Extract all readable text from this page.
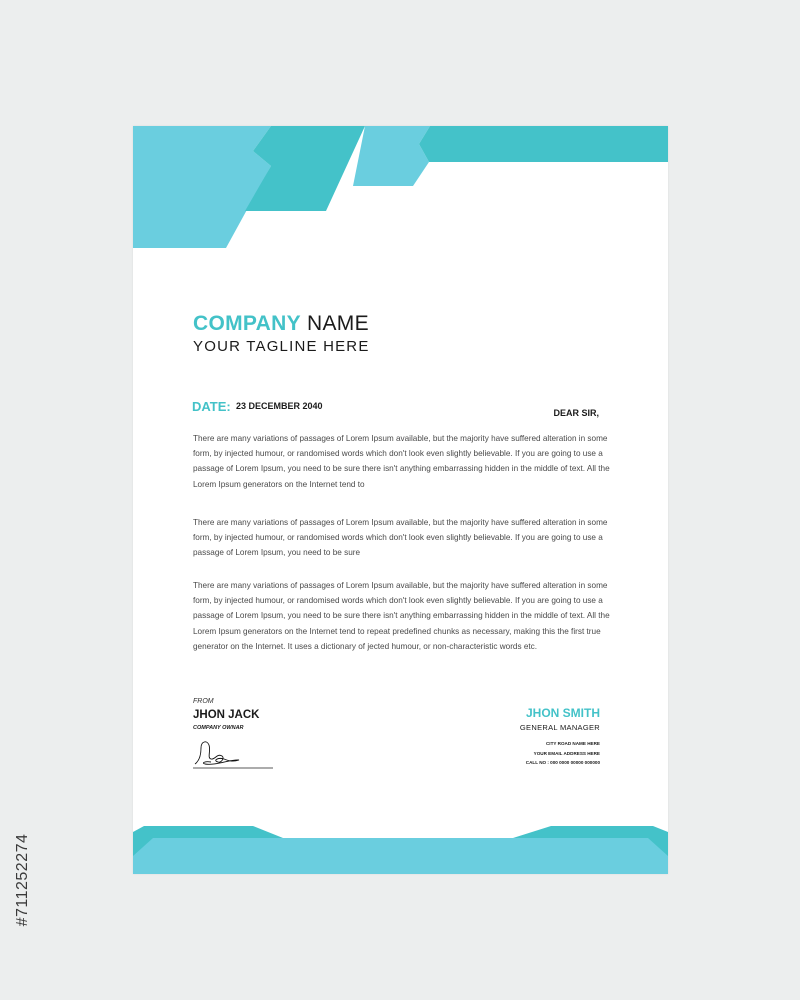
COMPANY NAME
YOUR TAGLINE HERE
DATE: 23 DECEMBER 2040
DEAR SIR,

There are many variations of passages of Lorem Ipsum available, but the majority have suffered alteration in some form, by injected humour, or randomised words which don't look even slightly believable. If you are going to use a passage of Lorem Ipsum, you need to be sure there isn't anything embarrassing hidden in the middle of text. All the Lorem Ipsum generators on the Internet tend to

There are many variations of passages of Lorem Ipsum available, but the majority have suffered alteration in some form, by injected humour, or randomised words which don't look even slightly believable. If you are going to use a passage of Lorem Ipsum, you need to be sure

There are many variations of passages of Lorem Ipsum available, but the majority have suffered alteration in some form, by injected humour, or randomised words which don't look even slightly believable. If you are going to use a passage of Lorem Ipsum, you need to be sure there isn't anything embarrassing hidden in the middle of text. All the Lorem Ipsum generators on the Internet tend to repeat predefined chunks as necessary, making this the first true generator on the Internet. It uses a dictionary of jected humour, or non-characteristic words etc.

FROM
JHON JACK
COMPANY OWNAR
JHON SMITH
GENERAL MANAGER
CITY ROAD NAME HERE
YOUR EMAIL ADDRESS HERE
CALL NO : 000 0000 00000 000000
#711252274
